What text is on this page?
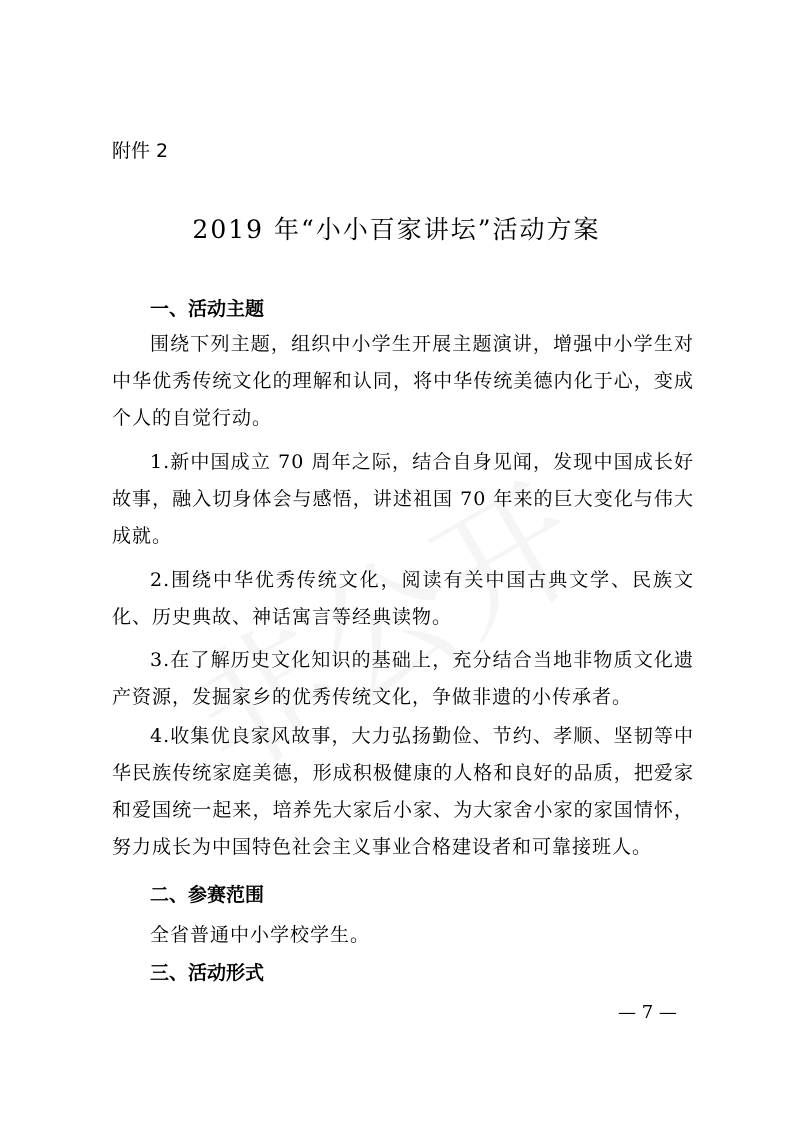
附件 2
2019 年“小小百家讲坛”活动方案
一、活动主题
围绕下列主题，组织中小学生开展主题演讲，增强中小学生对中华优秀传统文化的理解和认同，将中华传统美德内化于心，变成个人的自觉行动。
1.新中国成立 70 周年之际，结合自身见闻，发现中国成长好故事，融入切身体会与感悟，讲述祖国 70 年来的巨大变化与伟大成就。
2.围绕中华优秀传统文化，阅读有关中国古典文学、民族文化、历史典故、神话寓言等经典读物。
3.在了解历史文化知识的基础上，充分结合当地非物质文化遗产资源，发掘家乡的优秀传统文化，争做非遗的小传承者。
4.收集优良家风故事，大力弘扬勤俭、节约、孝顺、坚韧等中华民族传统家庭美德，形成积极健康的人格和良好的品质，把爱家和爱国统一起来，培养先大家后小家、为大家舍小家的家国情怀，努力成长为中国特色社会主义事业合格建设者和可靠接班人。
二、参赛范围
全省普通中小学校学生。
三、活动形式
— 7 —
